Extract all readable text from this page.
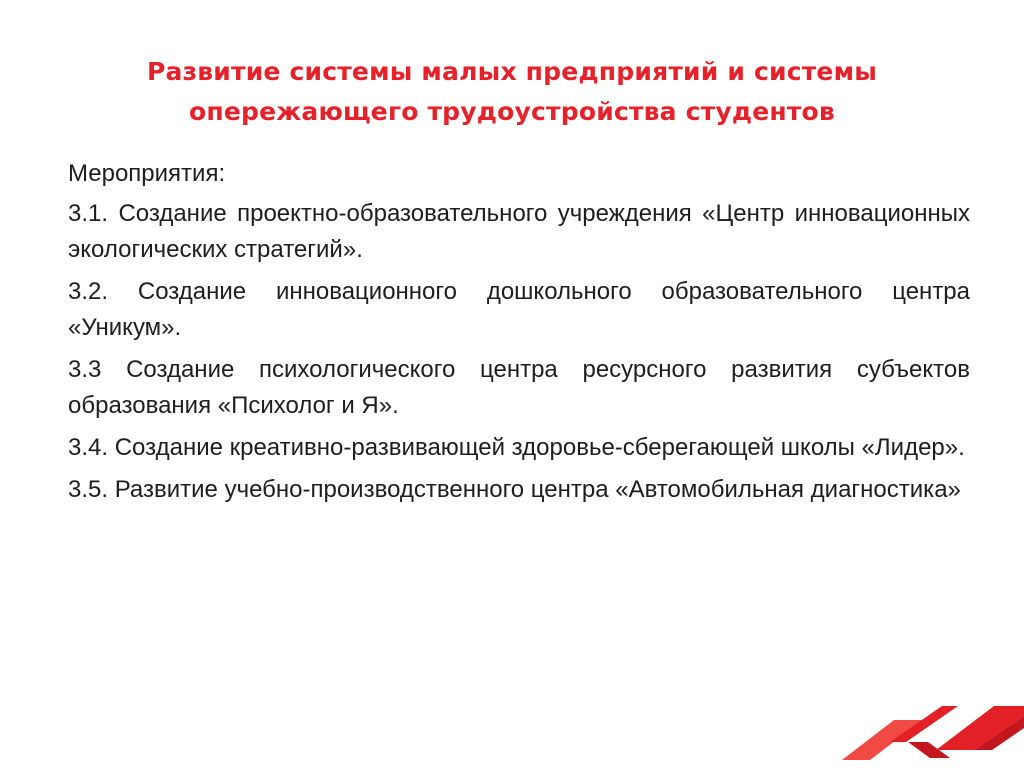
Развитие системы малых предприятий и системы
опережающего трудоустройства студентов
Мероприятия:
3.1. Создание проектно-образовательного учреждения «Центр инновационных экологических стратегий».
3.2. Создание инновационного дошкольного образовательного центра «Уникум».
3.3 Создание психологического центра ресурсного развития субъектов образования «Психолог и Я».
3.4. Создание креативно-развивающей здоровье-сберегающей школы «Лидер».
3.5. Развитие учебно-производственного центра «Автомобильная диагностика»
